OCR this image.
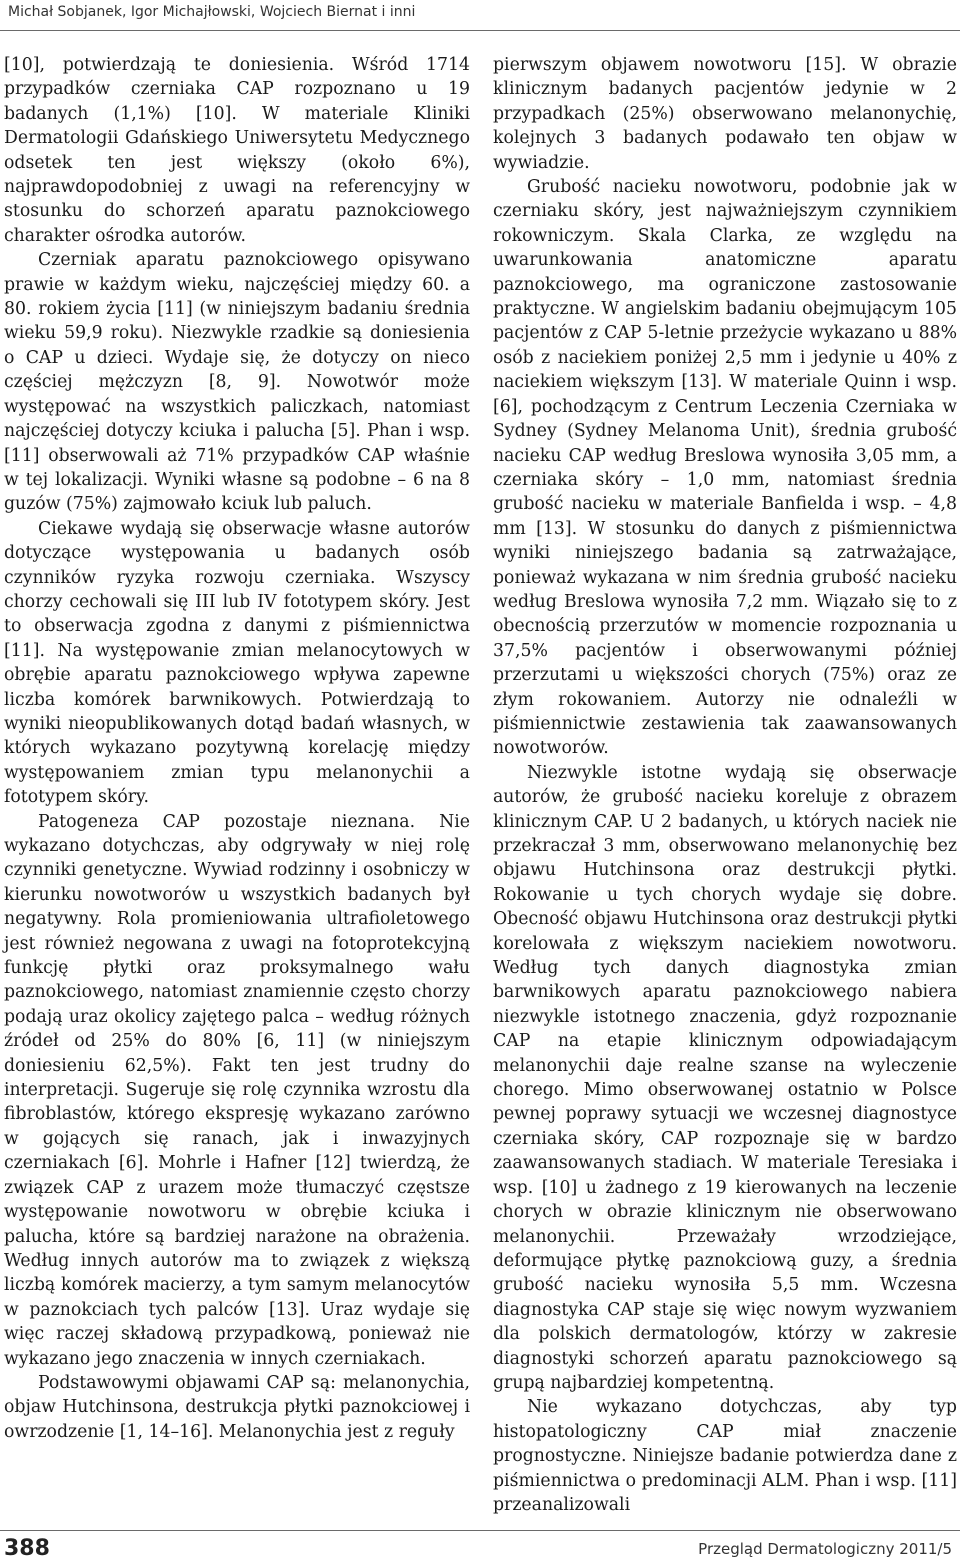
Michał Sobjanek, Igor Michajłowski, Wojciech Biernat i inni

[10], potwierdzają te doniesienia. Wśród 1714 przypadków czerniaka CAP rozpoznano u 19 badanych (1,1%) [10]. W materiale Kliniki Dermatologii Gdańskiego Uniwersytetu Medycznego odsetek ten jest większy (około 6%), najprawdopodobniej z uwagi na referencyjny w stosunku do schorzeń aparatu paznokciowego charakter ośrodka autorów.

Czerniak aparatu paznokciowego opisywano prawie w każdym wieku, najczęściej między 60. a 80. rokiem życia [11] (w niniejszym badaniu średnia wieku 59,9 roku). Niezwykle rzadkie są doniesienia o CAP u dzieci. Wydaje się, że dotyczy on nieco częściej mężczyzn [8, 9]. Nowotwór może występować na wszystkich paliczkach, natomiast najczęściej dotyczy kciuka i palucha [5]. Phan i wsp. [11] obserwowali aż 71% przypadków CAP właśnie w tej lokalizacji. Wyniki własne są podobne – 6 na 8 guzów (75%) zajmowało kciuk lub paluch.

Ciekawe wydają się obserwacje własne autorów dotyczące występowania u badanych osób czynników ryzyka rozwoju czerniaka. Wszyscy chorzy cechowali się III lub IV fototypem skóry. Jest to obserwacja zgodna z danymi z piśmiennictwa [11]. Na występowanie zmian melanocytowych w obrębie aparatu paznokciowego wpływa zapewne liczba komórek barwnikowych. Potwierdzają to wyniki nieopublikowanych dotąd badań własnych, w których wykazano pozytywną korelację między występowaniem zmian typu melanonychii a fototypem skóry.

Patogeneza CAP pozostaje nieznana. Nie wykazano dotychczas, aby odgrywały w niej rolę czynniki genetyczne. Wywiad rodzinny i osobniczy w kierunku nowotworów u wszystkich badanych był negatywny. Rola promieniowania ultrafioletowego jest również negowana z uwagi na fotoprotekcyjną funkcję płytki oraz proksymalnego wału paznokciowego, natomiast znamiennie często chorzy podają uraz okolicy zajętego palca – według różnych źródeł od 25% do 80% [6, 11] (w niniejszym doniesieniu 62,5%). Fakt ten jest trudny do interpretacji. Sugeruje się rolę czynnika wzrostu dla fibroblastów, którego ekspresję wykazano zarówno w gojących się ranach, jak i inwazyjnych czerniakach [6]. Mohrle i Hafner [12] twierdzą, że związek CAP z urazem może tłumaczyć częstsze występowanie nowotworu w obrębie kciuka i palucha, które są bardziej narażone na obrażenia. Według innych autorów ma to związek z większą liczbą komórek macierzy, a tym samym melanocytów w paznokciach tych palców [13]. Uraz wydaje się więc raczej składową przypadkową, ponieważ nie wykazano jego znaczenia w innych czerniakach.

Podstawowymi objawami CAP są: melanonychia, objaw Hutchinsona, destrukcja płytki paznokciowej i owrzodzenie [1, 14–16]. Melanonychia jest z reguły

pierwszym objawem nowotworu [15]. W obrazie klinicznym badanych pacjentów jedynie w 2 przypadkach (25%) obserwowano melanonychię, kolejnych 3 badanych podawało ten objaw w wywiadzie.

Grubość nacieku nowotworu, podobnie jak w czerniaku skóry, jest najważniejszym czynnikiem rokowniczym. Skala Clarka, ze względu na uwarunkowania anatomiczne aparatu paznokciowego, ma ograniczone zastosowanie praktyczne. W angielskim badaniu obejmującym 105 pacjentów z CAP 5-letnie przeżycie wykazano u 88% osób z naciekiem poniżej 2,5 mm i jedynie u 40% z naciekiem większym [13]. W materiale Quinn i wsp. [6], pochodzącym z Centrum Leczenia Czerniaka w Sydney (Sydney Melanoma Unit), średnia grubość nacieku CAP według Breslowa wynosiła 3,05 mm, a czerniaka skóry – 1,0 mm, natomiast średnia grubość nacieku w materiale Banfielda i wsp. – 4,8 mm [13]. W stosunku do danych z piśmiennictwa wyniki niniejszego badania są zatrważające, ponieważ wykazana w nim średnia grubość nacieku według Breslowa wynosiła 7,2 mm. Wiązało się to z obecnością przerzutów w momencie rozpoznania u 37,5% pacjentów i obserwowanymi później przerzutami u większości chorych (75%) oraz ze złym rokowaniem. Autorzy nie odnaleźli w piśmiennictwie zestawienia tak zaawansowanych nowotworów.

Niezwykle istotne wydają się obserwacje autorów, że grubość nacieku koreluje z obrazem klinicznym CAP. U 2 badanych, u których naciek nie przekraczał 3 mm, obserwowano melanonychię bez objawu Hutchinsona oraz destrukcji płytki. Rokowanie u tych chorych wydaje się dobre. Obecność objawu Hutchinsona oraz destrukcji płytki korelowała z większym naciekiem nowotworu. Według tych danych diagnostyka zmian barwnikowych aparatu paznokciowego nabiera niezwykle istotnego znaczenia, gdyż rozpoznanie CAP na etapie klinicznym odpowiadającym melanonychii daje realne szanse na wyleczenie chorego. Mimo obserwowanej ostatnio w Polsce pewnej poprawy sytuacji we wczesnej diagnostyce czerniaka skóry, CAP rozpoznaje się w bardzo zaawansowanych stadiach. W materiale Teresiaka i wsp. [10] u żadnego z 19 kierowanych na leczenie chorych w obrazie klinicznym nie obserwowano melanonychii. Przeważały wrzodziejące, deformujące płytkę paznokciową guzy, a średnia grubość nacieku wynosiła 5,5 mm. Wczesna diagnostyka CAP staje się więc nowym wyzwaniem dla polskich dermatologów, którzy w zakresie diagnostyki schorzeń aparatu paznokciowego są grupą najbardziej kompetentną.

Nie wykazano dotychczas, aby typ histopatologiczny CAP miał znaczenie prognostyczne. Niniejsze badanie potwierdza dane z piśmiennictwa o predominacji ALM. Phan i wsp. [11] przeanalizowali

388	Przegląd Dermatologiczny 2011/5
